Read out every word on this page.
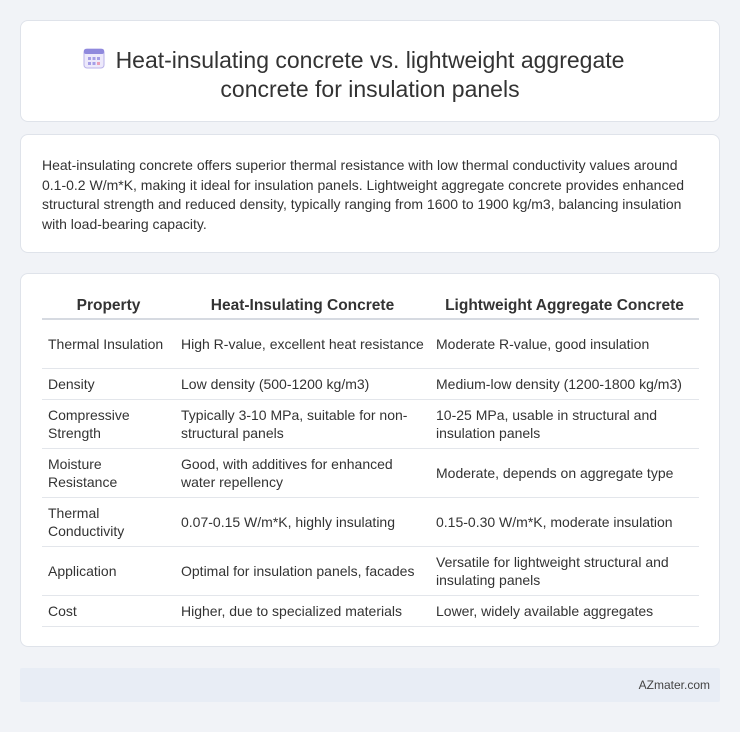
Heat-insulating concrete vs. lightweight aggregate
concrete for insulation panels

Heat-insulating concrete offers superior thermal resistance with low thermal conductivity values around 0.1-0.2 W/m*K, making it ideal for insulation panels. Lightweight aggregate concrete provides enhanced structural strength and reduced density, typically ranging from 1600 to 1900 kg/m3, balancing insulation with load-bearing capacity.

Property	Heat-Insulating Concrete	Lightweight Aggregate Concrete
Thermal Insulation	High R-value, excellent heat resistance	Moderate R-value, good insulation
Density	Low density (500-1200 kg/m3)	Medium-low density (1200-1800 kg/m3)
Compressive Strength	Typically 3-10 MPa, suitable for non-structural panels	10-25 MPa, usable in structural and insulation panels
Moisture Resistance	Good, with additives for enhanced water repellency	Moderate, depends on aggregate type
Thermal Conductivity	0.07-0.15 W/m*K, highly insulating	0.15-0.30 W/m*K, moderate insulation
Application	Optimal for insulation panels, facades	Versatile for lightweight structural and insulating panels
Cost	Higher, due to specialized materials	Lower, widely available aggregates
AZmater.com
